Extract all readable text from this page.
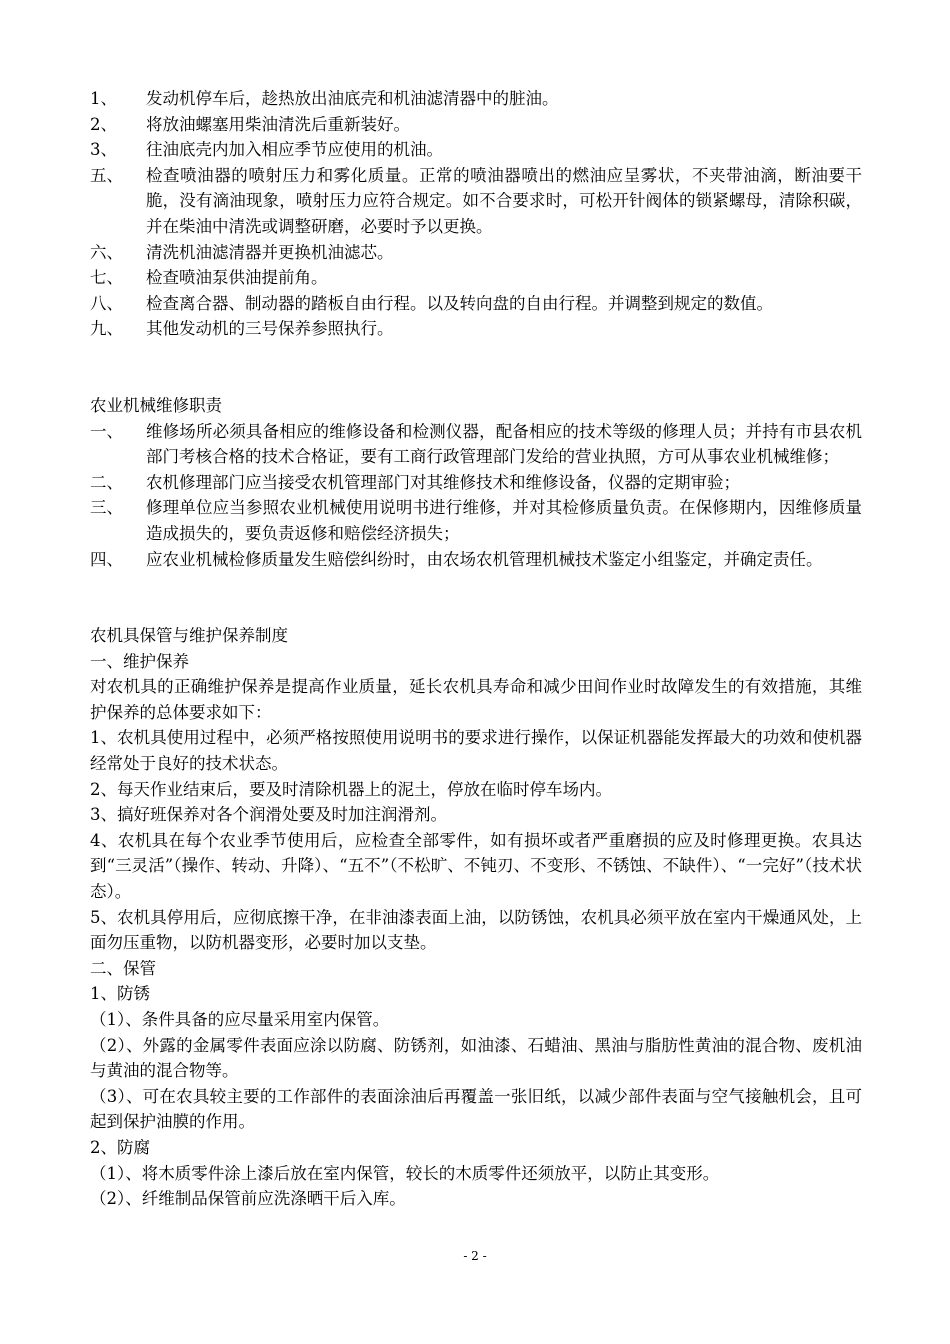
1、	发动机停车后，趁热放出油底壳和机油滤清器中的脏油。
2、	将放油螺塞用柴油清洗后重新装好。
3、	往油底壳内加入相应季节应使用的机油。
五、	检查喷油器的喷射压力和雾化质量。正常的喷油器喷出的燃油应呈雾状，不夹带油滴，断油要干脆，没有滴油现象，喷射压力应符合规定。如不合要求时，可松开针阀体的锁紧螺母，清除积碳，并在柴油中清洗或调整研磨，必要时予以更换。
六、	清洗机油滤清器并更换机油滤芯。
七、	检查喷油泵供油提前角。
八、	检查离合器、制动器的踏板自由行程。以及转向盘的自由行程。并调整到规定的数值。
九、	其他发动机的三号保养参照执行。
农业机械维修职责
一、	维修场所必须具备相应的维修设备和检测仪器，配备相应的技术等级的修理人员；并持有市县农机部门考核合格的技术合格证，要有工商行政管理部门发给的营业执照，方可从事农业机械维修；
二、	农机修理部门应当接受农机管理部门对其维修技术和维修设备，仪器的定期审验；
三、	修理单位应当参照农业机械使用说明书进行维修，并对其检修质量负责。在保修期内，因维修质量造成损失的，要负责返修和赔偿经济损失；
四、	应农业机械检修质量发生赔偿纠纷时，由农场农机管理机械技术鉴定小组鉴定，并确定责任。
农机具保管与维护保养制度
一、维护保养
对农机具的正确维护保养是提高作业质量，延长农机具寿命和减少田间作业时故障发生的有效措施，其维护保养的总体要求如下：
1、农机具使用过程中，必须严格按照使用说明书的要求进行操作，以保证机器能发挥最大的功效和使机器经常处于良好的技术状态。
2、每天作业结束后，要及时清除机器上的泥土，停放在临时停车场内。
3、搞好班保养对各个润滑处要及时加注润滑剂。
4、农机具在每个农业季节使用后，应检查全部零件，如有损坏或者严重磨损的应及时修理更换。农具达到“三灵活”（操作、转动、升降）、“五不”（不松旷、不钝刃、不变形、不锈蚀、不缺件）、“一完好”（技术状态）。
5、农机具停用后，应彻底擦干净，在非油漆表面上油，以防锈蚀，农机具必须平放在室内干燥通风处，上面勿压重物，以防机器变形，必要时加以支垫。
二、保管
1、防锈
（1）、条件具备的应尽量采用室内保管。
（2）、外露的金属零件表面应涂以防腐、防锈剂，如油漆、石蜡油、黑油与脂肪性黄油的混合物、废机油与黄油的混合物等。
（3）、可在农具较主要的工作部件的表面涂油后再覆盖一张旧纸，以减少部件表面与空气接触机会，且可起到保护油膜的作用。
2、防腐
（1）、将木质零件涂上漆后放在室内保管，较长的木质零件还须放平，以防止其变形。
（2）、纤维制品保管前应洗涤晒干后入库。
- 2 -
